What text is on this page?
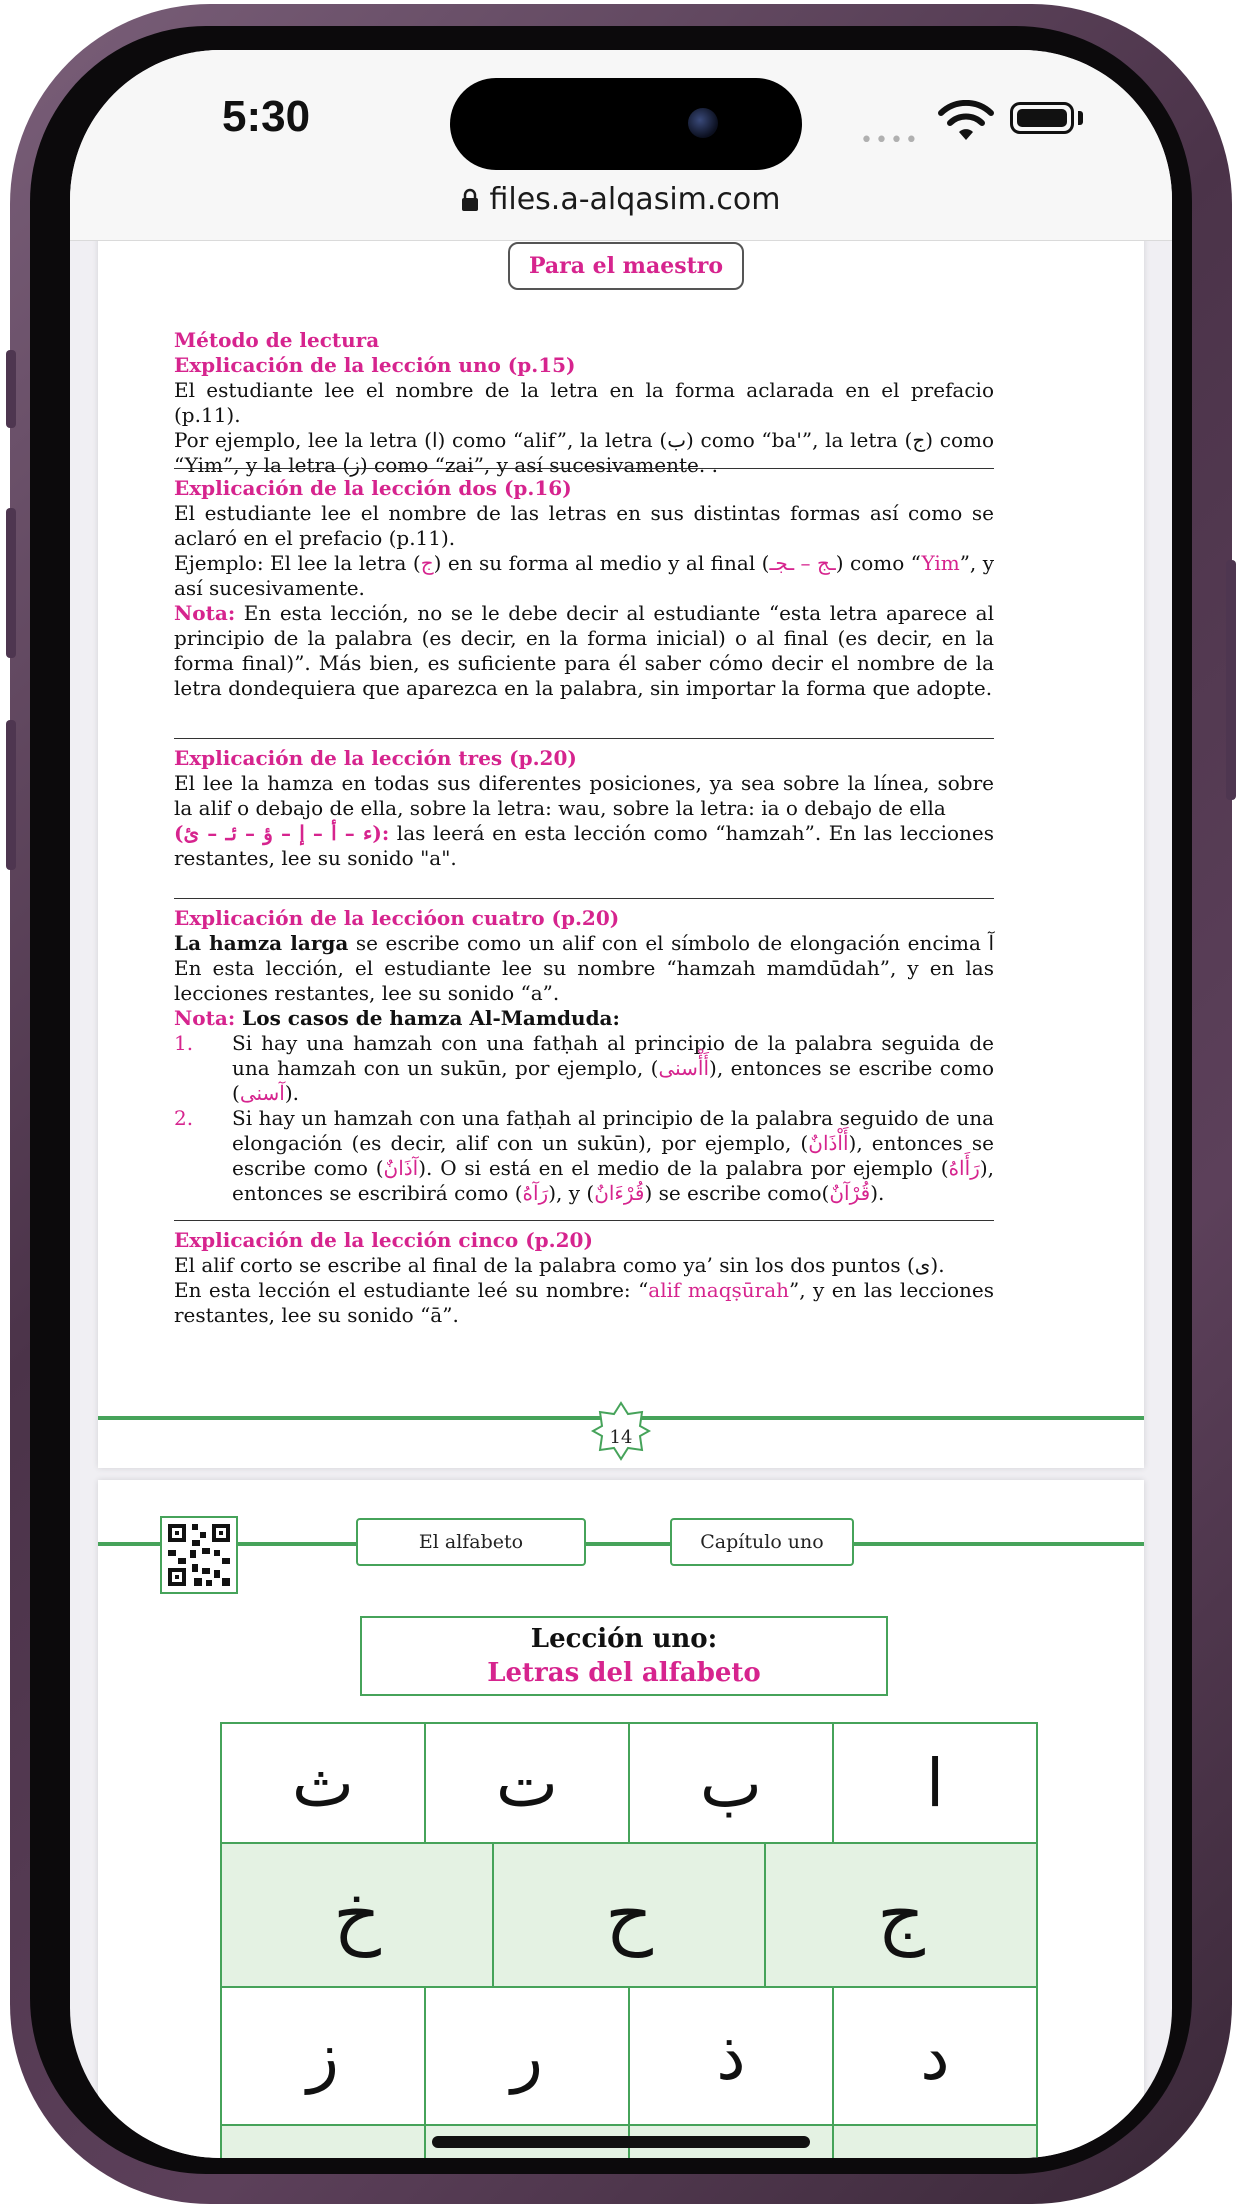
5:30	••••
files.a-alqasim.com
Para el maestro
Método de lectura
Explicación de la lección uno (p.15)
El estudiante lee el nombre de la letra en la forma aclarada en el prefacio (p.11).
Por ejemplo, lee la letra (ا) como “alif”, la letra (ب) como “ba'”, la letra (ج) como “Yim”, y la letra (ز) como “zai”, y así sucesivamente. .
Explicación de la lección dos (p.16)
El estudiante lee el nombre de las letras en sus distintas formas así como se aclaró en el prefacio (p.11).
Ejemplo: El lee la letra (ج) en su forma al medio y al final (ـج – ـجـ) como “Yim”, y así sucesivamente.
Nota: En esta lección, no se le debe decir al estudiante “esta letra aparece al principio de la palabra (es decir, en la forma inicial) o al final (es decir, en la forma final)”. Más bien, es suficiente para él saber cómo decir el nombre de la letra dondequiera que aparezca en la palabra, sin importar la forma que adopte.
Explicación de la lección tres (p.20)
El lee la hamza en todas sus diferentes posiciones, ya sea sobre la línea, sobre la alif o debajo de ella, sobre la letra: wau, sobre la letra: ia o debajo de ella
(ء – أ – إ – ؤ – ئـ – ئ): las leerá en esta lección como “hamzah”. En las lecciones restantes, lee su sonido "a".
Explicación de la lecciόon cuatro (p.20)
La hamza larga se escribe como un alif con el símbolo de elongación encima آ En esta lección, el estudiante lee su nombre “hamzah mamdūdah”, y en las lecciones restantes, lee su sonido “a”.
Nota: Los casos de hamza Al-Mamduda:
1.	Si hay una hamzah con una fatḥah al principio de la palabra seguida de una hamzah con un sukūn, por ejemplo, (أَأْسنى), entonces se escribe como (آسنى).
2.	Si hay un hamzah con una fatḥah al principio de la palabra seguido de una elongación (es decir, alif con un sukūn), por ejemplo, (أَاْذَانٌ), entonces se escribe como (آذَانٌ). O si está en el medio de la palabra por ejemplo (رَأَاهُ), entonces se escribirá como (رَآهُ), y (قُرْءَانٌ) se escribe como(قُرْآنٌ).
Explicación de la lección cinco (p.20)
El alif corto se escribe al final de la palabra como ya’ sin los dos puntos (ى).
En esta lección el estudiante leé su nombre: “alif maqṣūrah”, y en las lecciones restantes, lee su sonido “ā”.
14
El alfabeto	Capítulo uno
Lección uno:
Letras del alfabeto
ث	ت	ب	ا
خ	ح	ج
ز	ر	ذ	د
